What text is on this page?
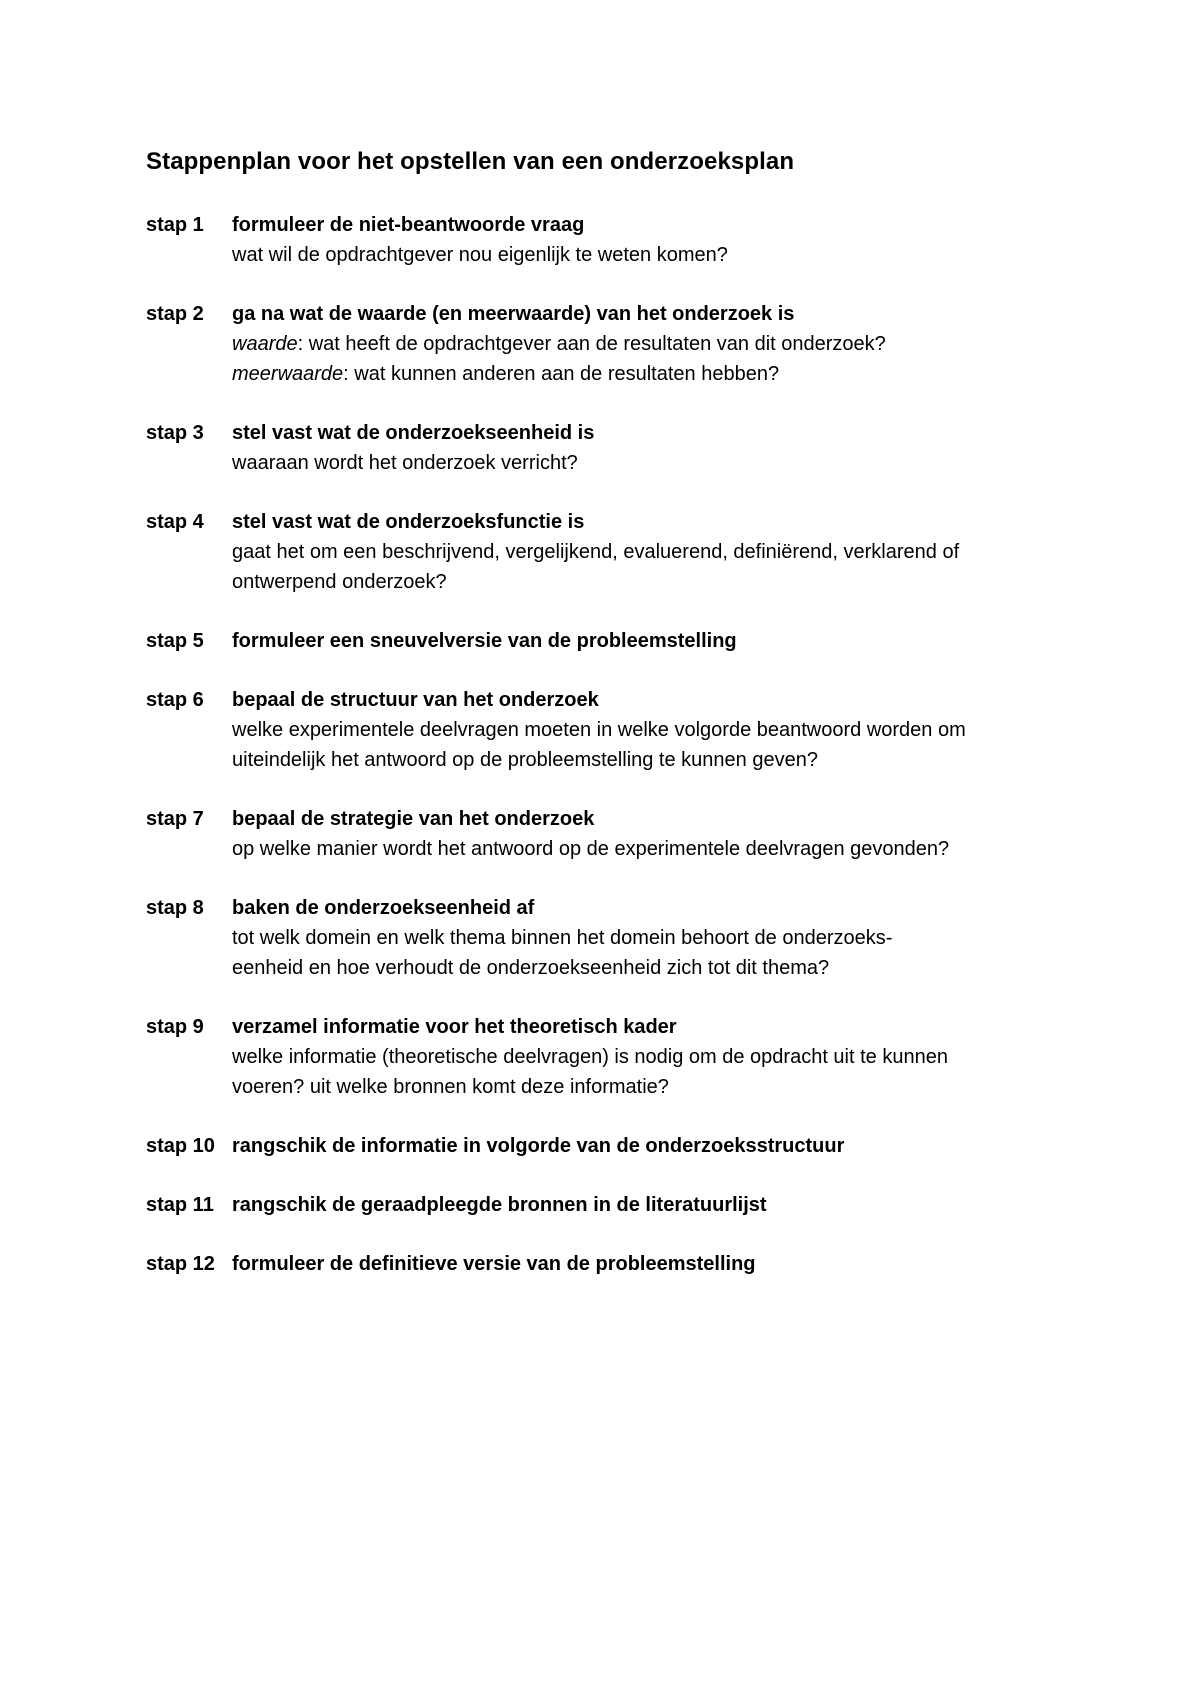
Stappenplan voor het opstellen van een onderzoeksplan
stap 1	formuleer de niet-beantwoorde vraag
wat wil de opdrachtgever nou eigenlijk te weten komen?
stap 2	ga na wat de waarde (en meerwaarde) van het onderzoek is
waarde: wat heeft de opdrachtgever aan de resultaten van dit onderzoek?
meerwaarde: wat kunnen anderen aan de resultaten hebben?
stap 3	stel vast wat de onderzoekseenheid is
waaraan wordt het onderzoek verricht?
stap 4	stel vast wat de onderzoeksfunctie is
gaat het om een beschrijvend, vergelijkend, evaluerend, definiërend, verklarend of
ontwerpend onderzoek?
stap 5	formuleer een sneuvelversie van de probleemstelling
stap 6	bepaal de structuur van het onderzoek
welke experimentele deelvragen moeten in welke volgorde beantwoord worden om
uiteindelijk het antwoord op de probleemstelling te kunnen geven?
stap 7	bepaal de strategie van het onderzoek
op welke manier wordt het antwoord op de experimentele deelvragen gevonden?
stap 8	baken de onderzoekseenheid af
tot welk domein en welk thema binnen het domein behoort de onderzoeks-
eenheid en hoe verhoudt de onderzoekseenheid zich tot dit thema?
stap 9	verzamel informatie voor het theoretisch kader
welke informatie (theoretische deelvragen) is nodig om de opdracht uit te kunnen
voeren? uit welke bronnen komt deze informatie?
stap 10 rangschik de informatie in volgorde van de onderzoeksstructuur
stap 11 rangschik de geraadpleegde bronnen in de literatuurlijst
stap 12 formuleer de definitieve versie van de probleemstelling
